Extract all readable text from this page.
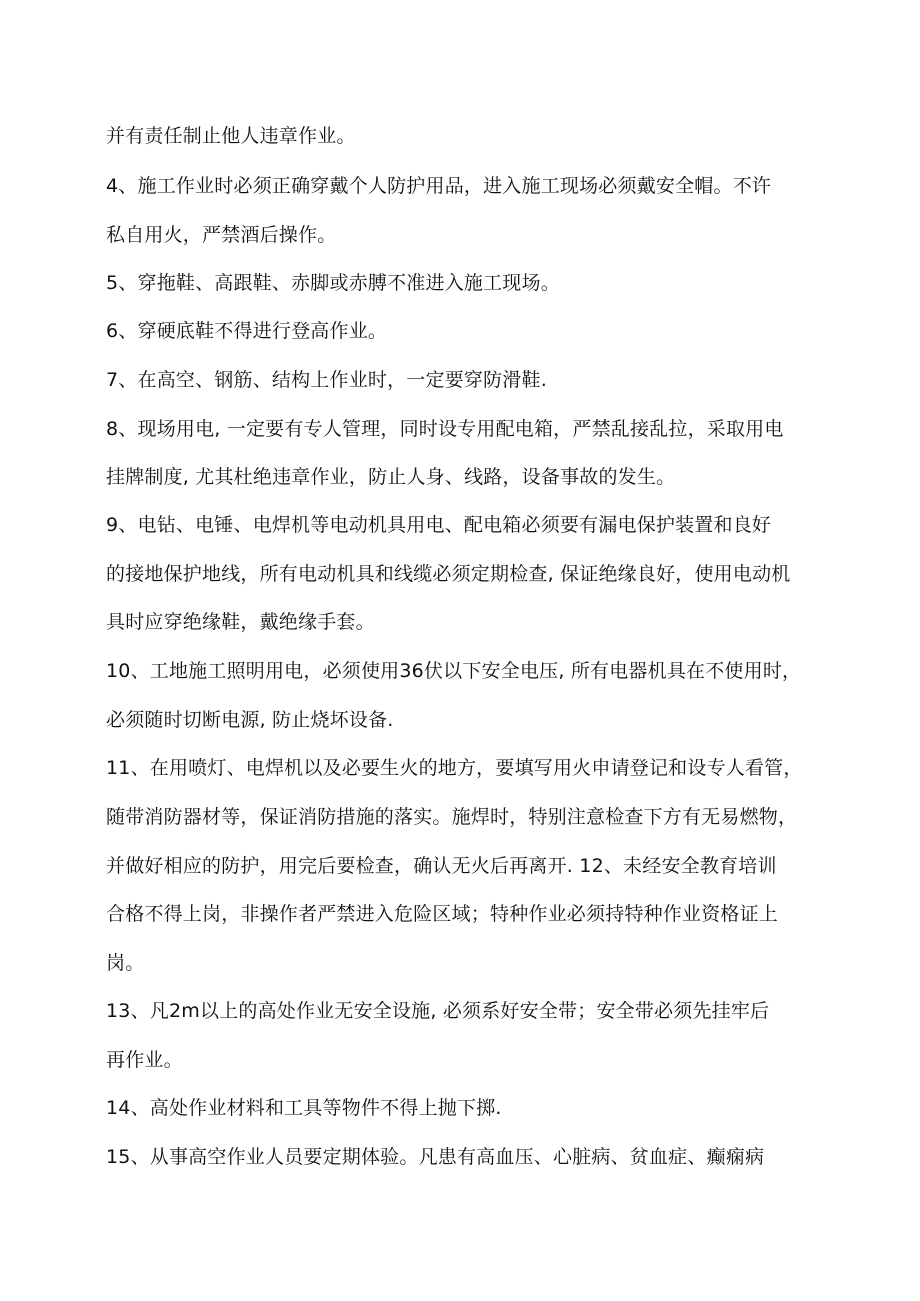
并有责任制止他人违章作业。
4、施工作业时必须正确穿戴个人防护用品，进入施工现场必须戴安全帽。不许
私自用火，严禁酒后操作。
5、穿拖鞋、高跟鞋、赤脚或赤膊不准进入施工现场。
6、穿硬底鞋不得进行登高作业。
7、在高空、钢筋、结构上作业时，一定要穿防滑鞋.
8、现场用电, 一定要有专人管理，同时设专用配电箱，严禁乱接乱拉，采取用电
挂牌制度, 尤其杜绝违章作业，防止人身、线路，设备事故的发生。
9、电钻、电锤、电焊机等电动机具用电、配电箱必须要有漏电保护装置和良好
的接地保护地线，所有电动机具和线缆必须定期检查, 保证绝缘良好，使用电动机
具时应穿绝缘鞋，戴绝缘手套。
10、工地施工照明用电，必须使用36伏以下安全电压, 所有电器机具在不使用时，
必须随时切断电源, 防止烧坏设备.
11、在用喷灯、电焊机以及必要生火的地方，要填写用火申请登记和设专人看管，
随带消防器材等，保证消防措施的落实。施焊时，特别注意检查下方有无易燃物，
并做好相应的防护，用完后要检查，确认无火后再离开. 12、未经安全教育培训
合格不得上岗，非操作者严禁进入危险区域；特种作业必须持特种作业资格证上
岗。
13、凡2m以上的高处作业无安全设施, 必须系好安全带；安全带必须先挂牢后
再作业。
14、高处作业材料和工具等物件不得上抛下掷.
15、从事高空作业人员要定期体验。凡患有高血压、心脏病、贫血症、癫痫病
